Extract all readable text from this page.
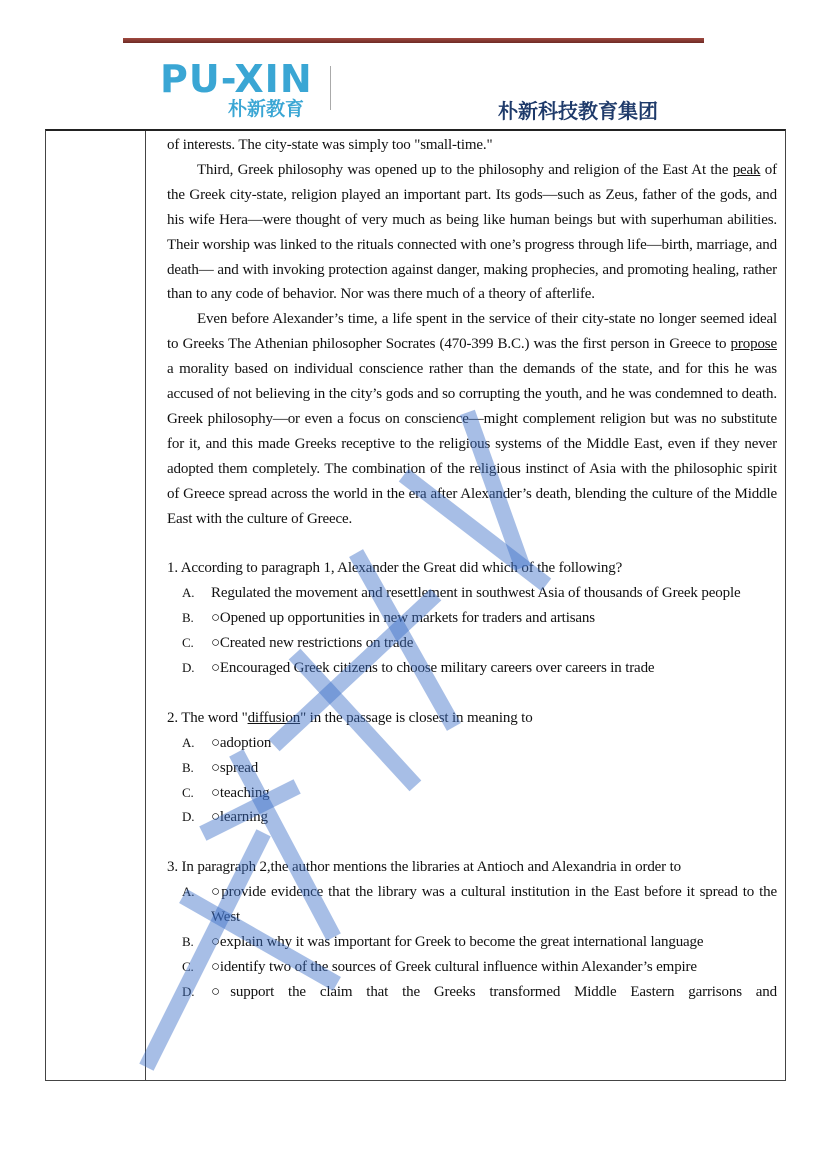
PU-XIN
朴新教育	朴新科技教育集团

of interests. The city-state was simply too "small-time."

Third, Greek philosophy was opened up to the philosophy and religion of the East At the peak of the Greek city-state, religion played an important part. Its gods—such as Zeus, father of the gods, and his wife Hera—were thought of very much as being like human beings but with superhuman abilities. Their worship was linked to the rituals connected with one’s progress through life—birth, marriage, and death— and with invoking protection against danger, making prophecies, and promoting healing, rather than to any code of behavior. Nor was there much of a theory of afterlife.

Even before Alexander’s time, a life spent in the service of their city-state no longer seemed ideal to Greeks The Athenian philosopher Socrates (470-399 B.C.) was the first person in Greece to propose a morality based on individual conscience rather than the demands of the state, and for this he was accused of not believing in the city’s gods and so corrupting the youth, and he was condemned to death. Greek philosophy—or even a focus on conscience—might complement religion but was no substitute for it, and this made Greeks receptive to the religious systems of the Middle East, even if they never adopted them completely. The combination of the religious instinct of Asia with the philosophic spirit of Greece spread across the world in the era after Alexander’s death, blending the culture of the Middle East with the culture of Greece.

1. According to paragraph 1, Alexander the Great did which of the following?

A.	Regulated the movement and resettlement in southwest Asia of thousands of Greek people
B.	○Opened up opportunities in new markets for traders and artisans
C.	○Created new restrictions on trade
D.	○Encouraged Greek citizens to choose military careers over careers in trade

2. The word "diffusion" in the passage is closest in meaning to

A.	○adoption
B.	○spread
C.	○teaching
D.	○learning

3. In paragraph 2,the author mentions the libraries at Antioch and Alexandria in order to

A.	○provide evidence that the library was a cultural institution in the East before it spread to the West
B.	○explain why it was important for Greek to become the great international language
C.	○identify two of the sources of Greek cultural influence within Alexander’s empire
D.	○support the claim that the Greeks transformed Middle Eastern garrisons and
